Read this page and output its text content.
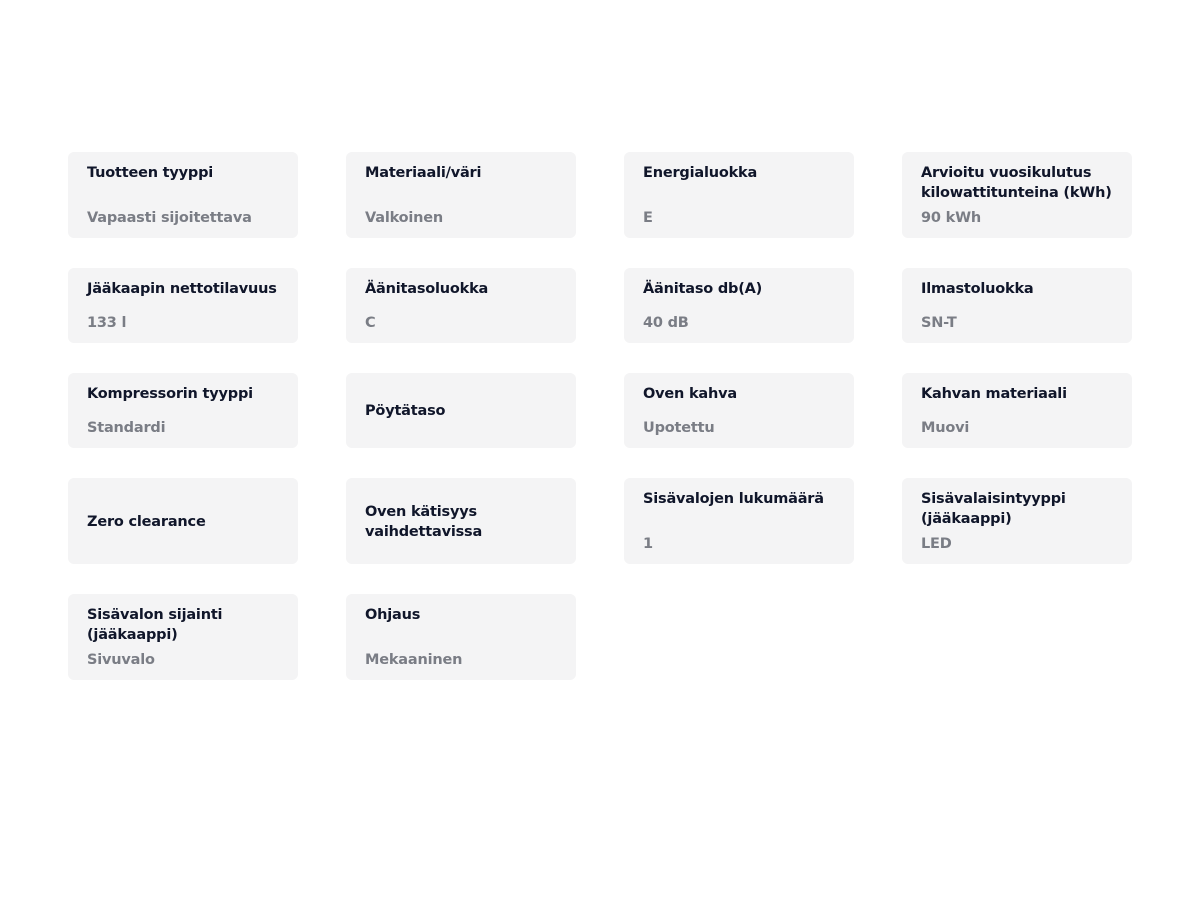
Tuotteen tyyppi
Vapaasti sijoitettava
Materiaali/väri
Valkoinen
Energialuokka
E
Arvioitu vuosikulutus kilowattitunteina (kWh)
90 kWh
Jääkaapin nettotilavuus
133 l
Äänitasoluokka
C
Äänitaso db(A)
40 dB
Ilmastoluokka
SN-T
Kompressorin tyyppi
Standardi
Pöytätaso
Oven kahva
Upotettu
Kahvan materiaali
Muovi
Zero clearance
Oven kätisyys vaihdettavissa
Sisävalojen lukumäärä
1
Sisävalaisintyyppi (jääkaappi)
LED
Sisävalon sijainti (jääkaappi)
Sivuvalo
Ohjaus
Mekaaninen
